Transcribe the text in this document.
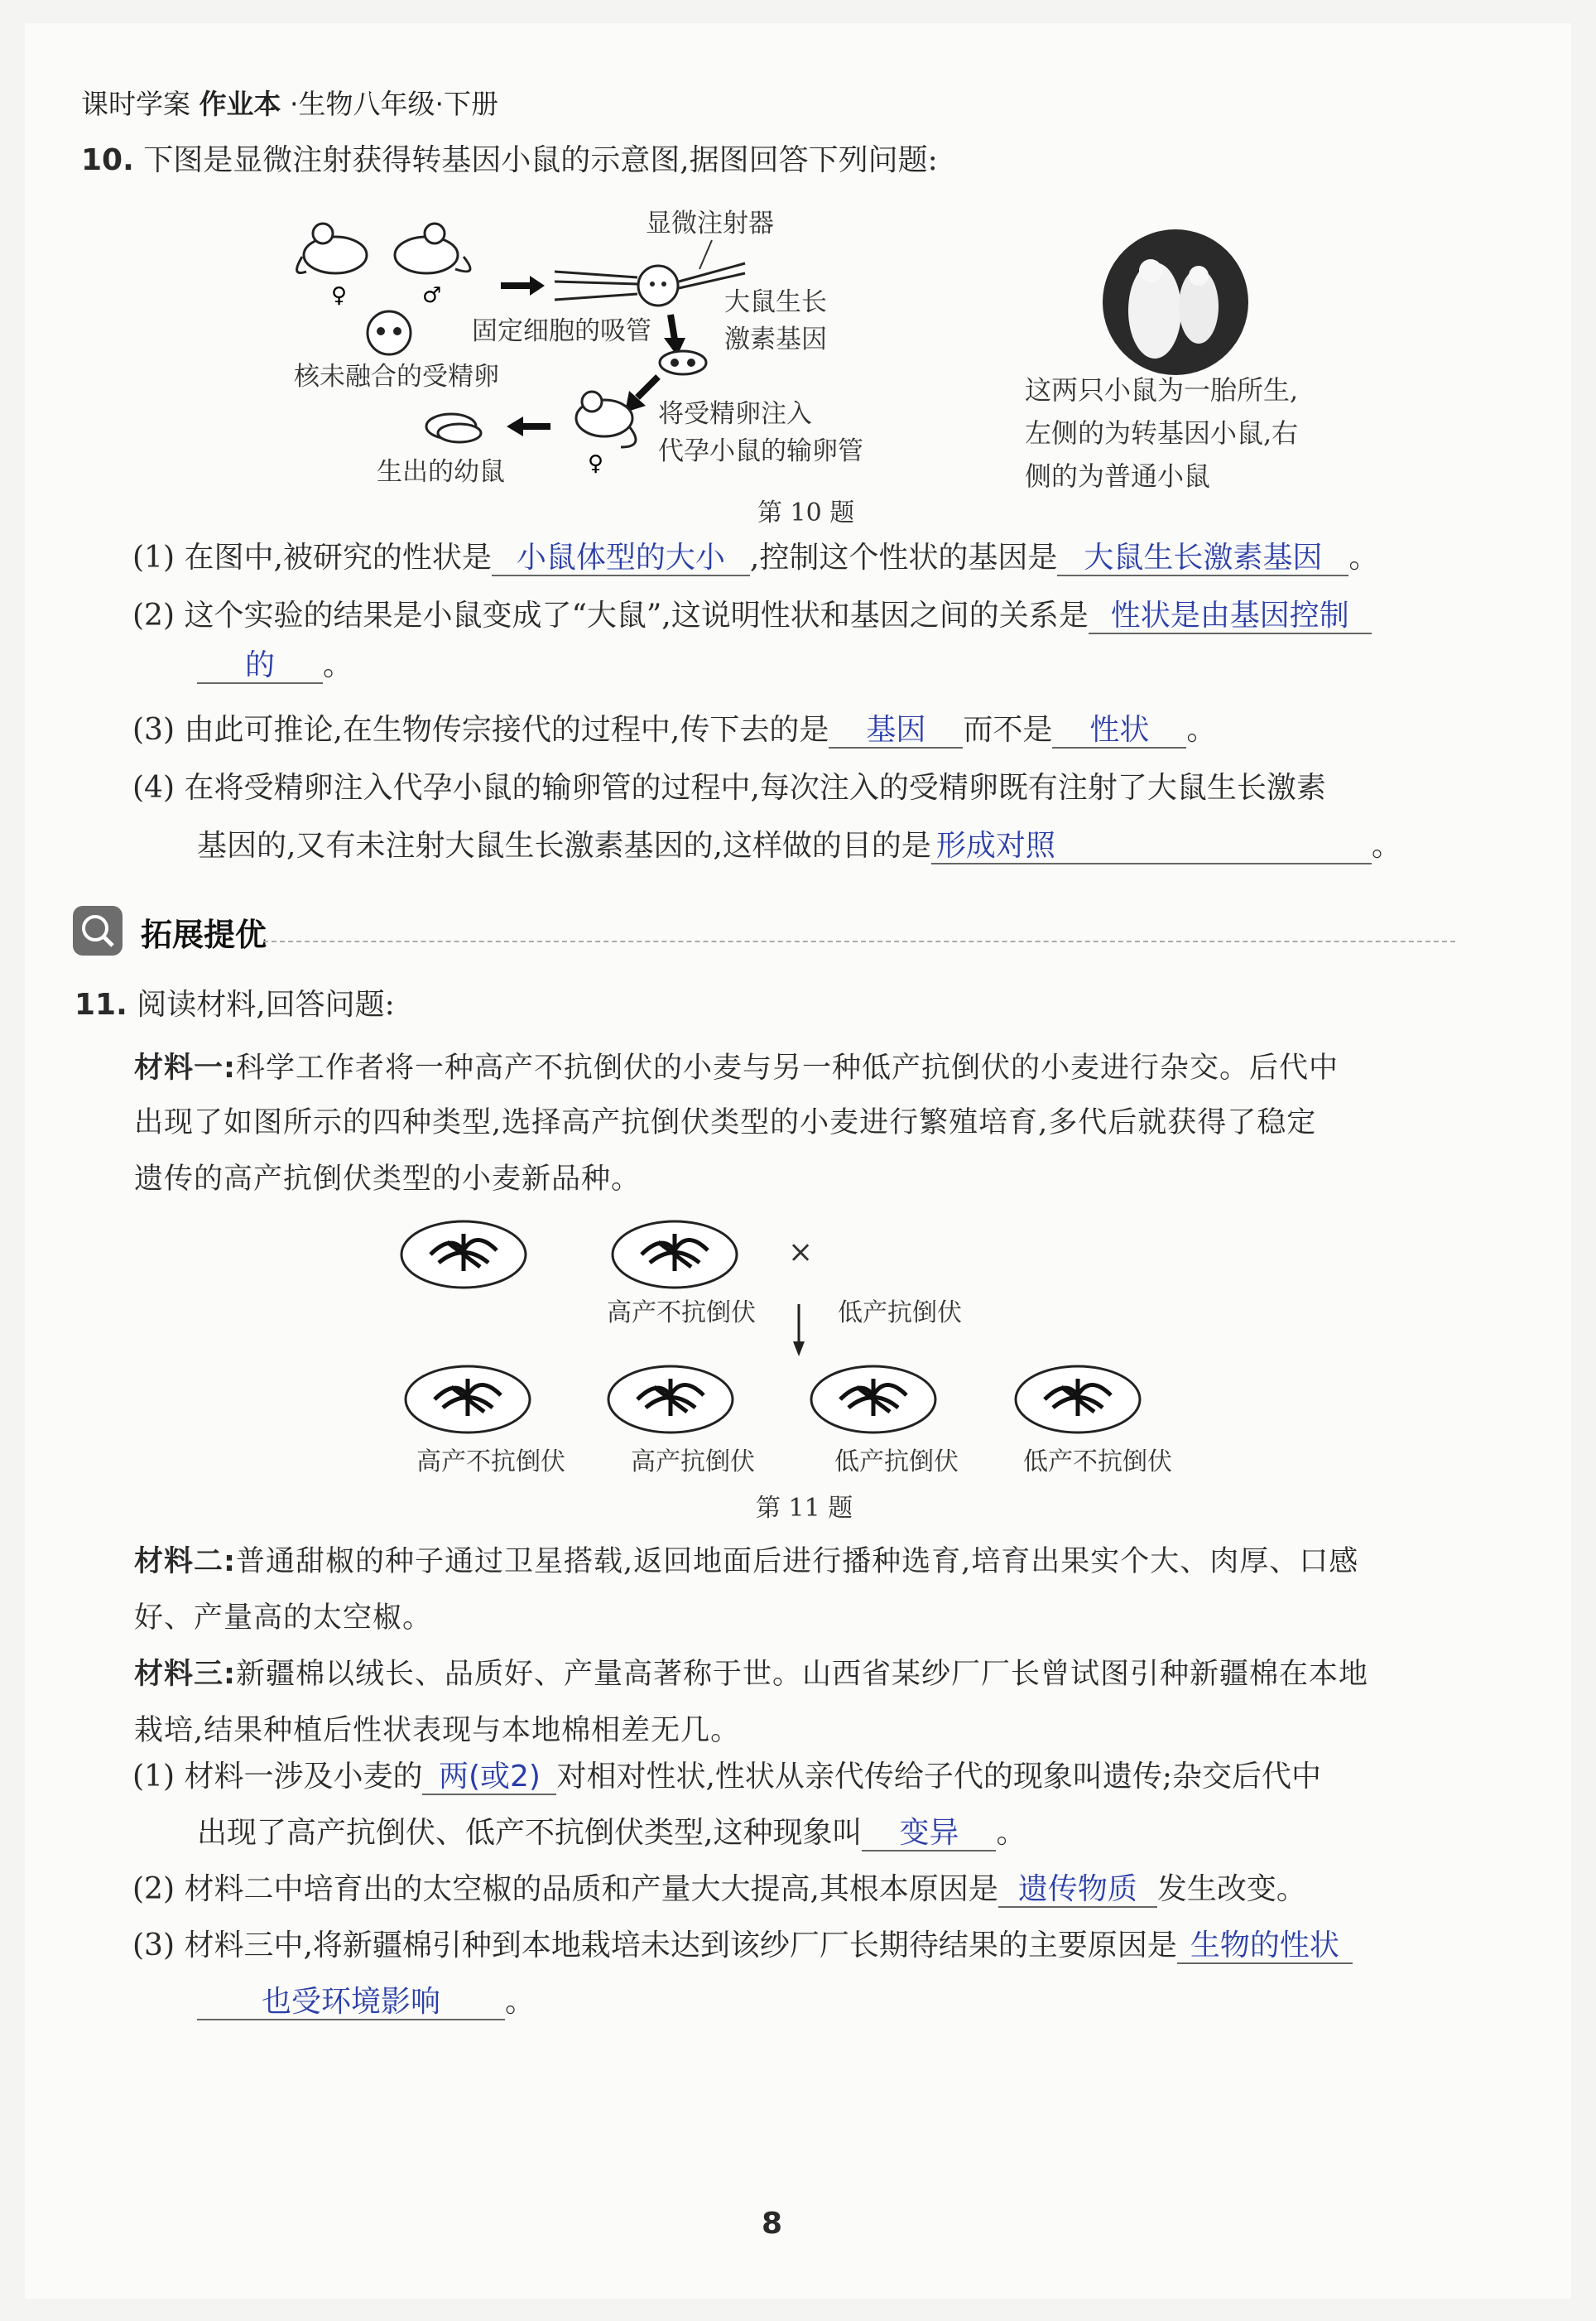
课时学案 作业本 ·生物八年级·下册
10. 下图是显微注射获得转基因小鼠的示意图,据图回答下列问题:
♀	♂
核未融合的受精卵
显微注射器
固定细胞的吸管
大鼠生长
激素基因
♀
将受精卵注入
代孕小鼠的输卵管
生出的幼鼠
这两只小鼠为一胎所生,
左侧的为转基因小鼠,右
侧的为普通小鼠
第 10 题
(1) 在图中,被研究的性状是 小鼠体型的大小 ,控制这个性状的基因是 大鼠生长激素基因 。
(2) 这个实验的结果是小鼠变成了“大鼠”,这说明性状和基因之间的关系是 性状是由基因控制
的 。
(3) 由此可推论,在生物传宗接代的过程中,传下去的是 基因 而不是 性状 。
(4) 在将受精卵注入代孕小鼠的输卵管的过程中,每次注入的受精卵既有注射了大鼠生长激素
基因的,又有未注射大鼠生长激素基因的,这样做的目的是 形成对照	。
拓展提优
11. 阅读材料,回答问题:
材料一:科学工作者将一种高产不抗倒伏的小麦与另一种低产抗倒伏的小麦进行杂交。后代中
出现了如图所示的四种类型,选择高产抗倒伏类型的小麦进行繁殖培育,多代后就获得了稳定
遗传的高产抗倒伏类型的小麦新品种。
×
高产不抗倒伏	低产抗倒伏
高产不抗倒伏	高产抗倒伏	低产抗倒伏	低产不抗倒伏
第 11 题
材料二:普通甜椒的种子通过卫星搭载,返回地面后进行播种选育,培育出果实个大、肉厚、口感
好、产量高的太空椒。
材料三:新疆棉以绒长、品质好、产量高著称于世。山西省某纱厂厂长曾试图引种新疆棉在本地
栽培,结果种植后性状表现与本地棉相差无几。
(1) 材料一涉及小麦的 两(或2) 对相对性状,性状从亲代传给子代的现象叫遗传;杂交后代中
出现了高产抗倒伏、低产不抗倒伏类型,这种现象叫 变异 。
(2) 材料二中培育出的太空椒的品质和产量大大提高,其根本原因是 遗传物质 发生改变。
(3) 材料三中,将新疆棉引种到本地栽培未达到该纱厂厂长期待结果的主要原因是 生物的性状
也受环境影响 。
8
